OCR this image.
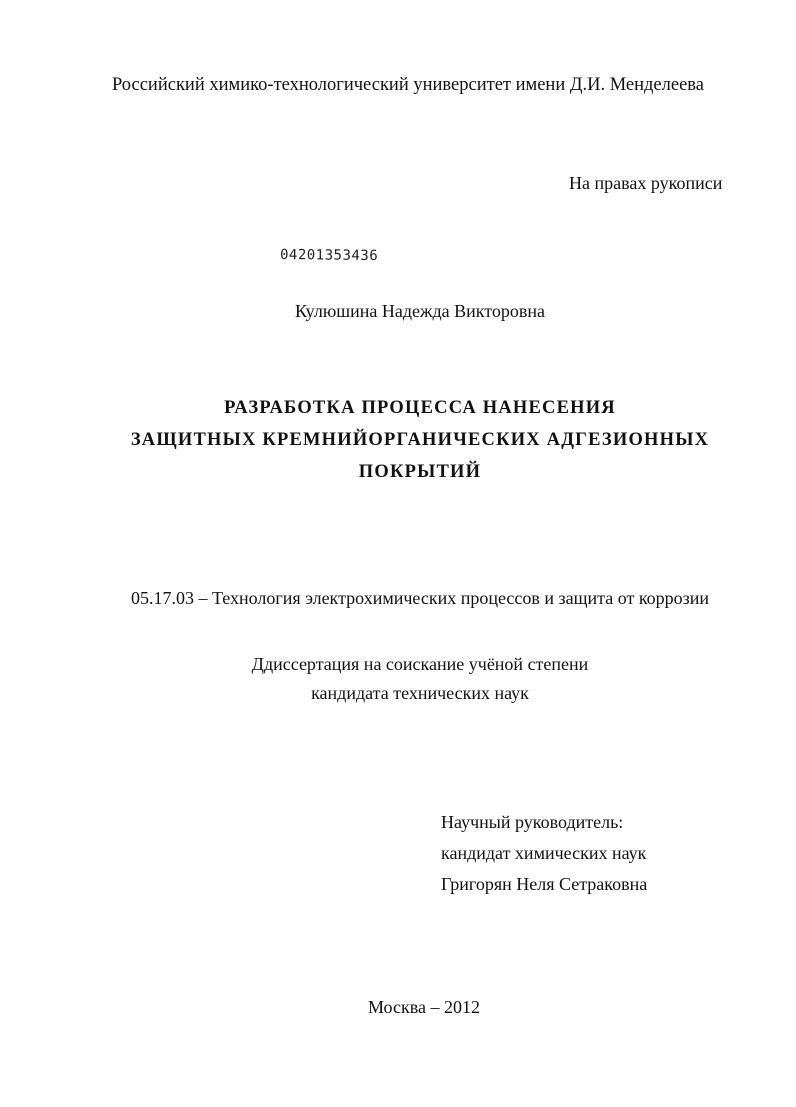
Российский химико-технологический университет имени Д.И. Менделеева
На правах рукописи
04201353436
Кулюшина Надежда Викторовна
РАЗРАБОТКА ПРОЦЕССА НАНЕСЕНИЯ
ЗАЩИТНЫХ КРЕМНИЙОРГАНИЧЕСКИХ АДГЕЗИОННЫХ
ПОКРЫТИЙ
05.17.03 – Технология электрохимических процессов и защита от коррозии
Ддиссертация на соискание учёной степени
кандидата технических наук
Научный руководитель:
кандидат химических наук
Григорян Неля Сетраковна
Москва – 2012
